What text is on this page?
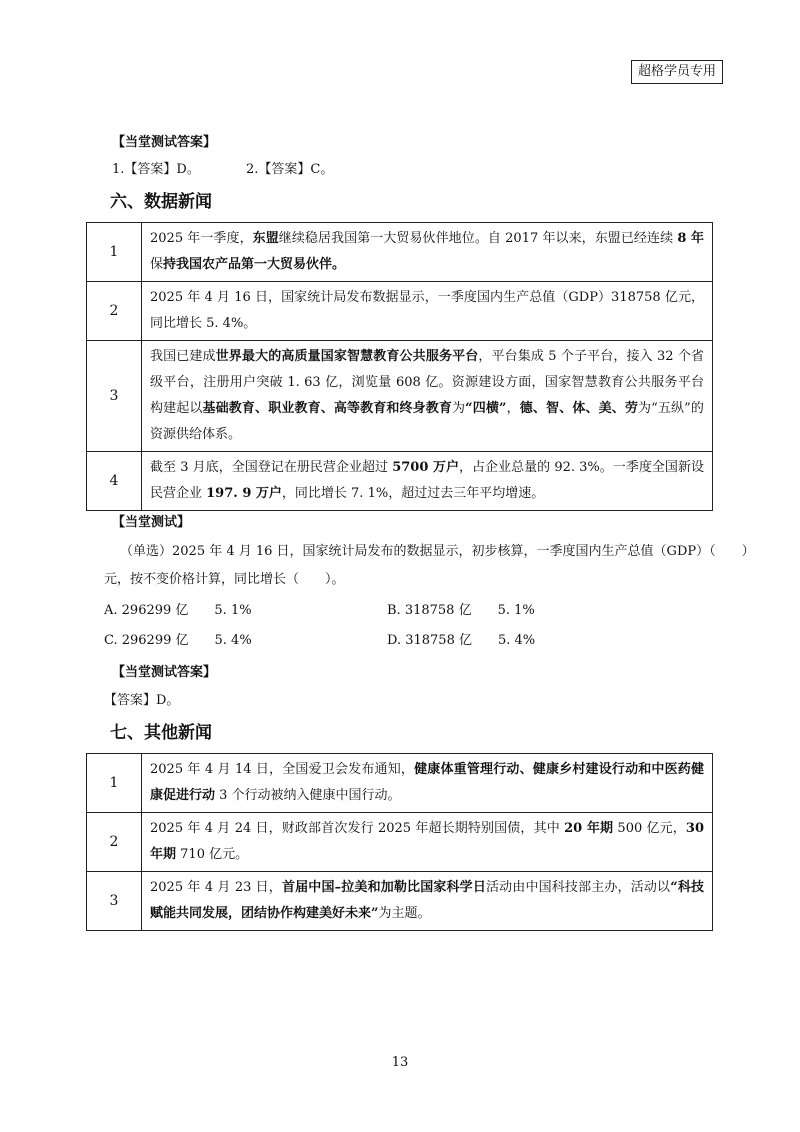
超格学员专用
【当堂测试答案】
1.【答案】D。	2.【答案】C。
六、数据新闻
1	2025 年一季度，东盟继续稳居我国第一大贸易伙伴地位。自 2017 年以来，东盟已经连续 8 年保持我国农产品第一大贸易伙伴。
2	2025 年 4 月 16 日，国家统计局发布数据显示，一季度国内生产总值（GDP）318758 亿元，同比增长 5. 4%。
3	我国已建成世界最大的高质量国家智慧教育公共服务平台，平台集成 5 个子平台，接入 32 个省级平台，注册用户突破 1. 63 亿，浏览量 608 亿。资源建设方面，国家智慧教育公共服务平台构建起以基础教育、职业教育、高等教育和终身教育为“四横”，德、智、体、美、劳为“五纵”的资源供给体系。
4	截至 3 月底，全国登记在册民营企业超过 5700 万户，占企业总量的 92. 3%。一季度全国新设民营企业 197. 9 万户，同比增长 7. 1%，超过过去三年平均增速。
【当堂测试】
（单选）2025 年 4 月 16 日，国家统计局发布的数据显示，初步核算，一季度国内生产总值（GDP）（　　）
元，按不变价格计算，同比增长（　　）。
A. 296299 亿　　5. 1%	B. 318758 亿　　5. 1%
C. 296299 亿　　5. 4%	D. 318758 亿　　5. 4%
【当堂测试答案】
【答案】D。
七、其他新闻
1	2025 年 4 月 14 日，全国爱卫会发布通知，健康体重管理行动、健康乡村建设行动和中医药健康促进行动 3 个行动被纳入健康中国行动。
2	2025 年 4 月 24 日，财政部首次发行 2025 年超长期特别国债，其中 20 年期 500 亿元，30 年期 710 亿元。
3	2025 年 4 月 23 日，首届中国–拉美和加勒比国家科学日活动由中国科技部主办，活动以“科技赋能共同发展，团结协作构建美好未来”为主题。
13
